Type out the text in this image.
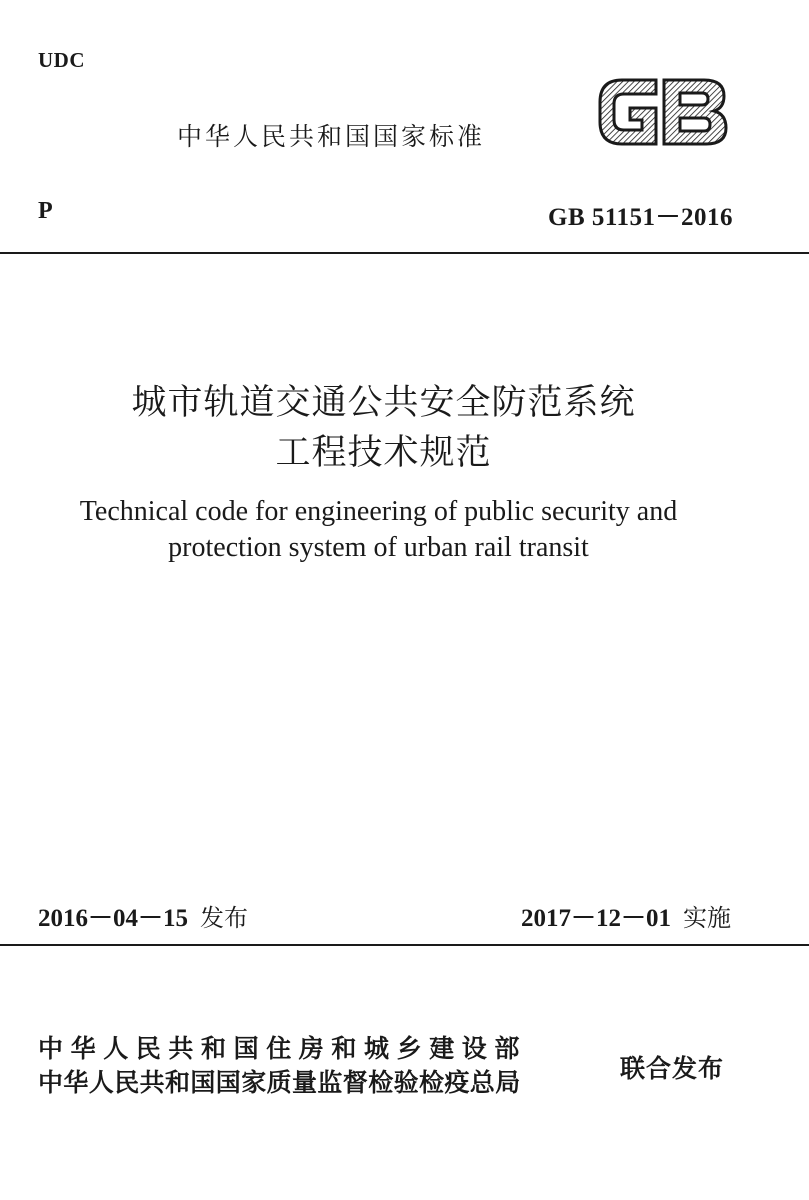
UDC
中华人民共和国国家标准
P	GB 51151－2016
城市轨道交通公共安全防范系统
工程技术规范
Technical code for engineering of public security and
protection system of urban rail transit
2016－04－15 发布	2017－12－01 实施
中华人民共和国住房和城乡建设部
中华人民共和国国家质量监督检验检疫总局	联合发布
